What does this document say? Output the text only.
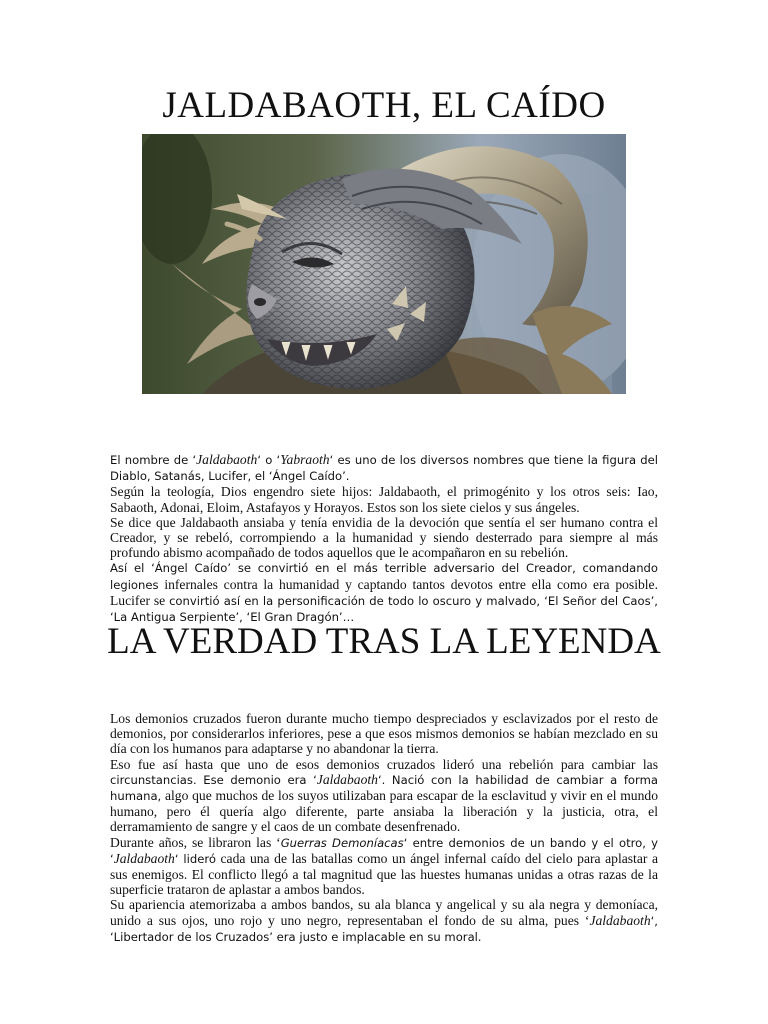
JALDABAOTH, EL CAÍDO

El nombre de ‘Jaldabaoth‘ o ‘Yabraoth‘ es uno de los diversos nombres que tiene la figura del Diablo, Satanás, Lucifer, el ‘Ángel Caído’.

Según la teología, Dios engendro siete hijos: Jaldabaoth, el primogénito y los otros seis: Iao, Sabaoth, Adonai, Eloim, Astafayos y Horayos. Estos son los siete cielos y sus ángeles.

Se dice que Jaldabaoth ansiaba y tenía envidia de la devoción que sentía el ser humano contra el Creador, y se rebeló, corrompiendo a la humanidad y siendo desterrado para siempre al más profundo abismo acompañado de todos aquellos que le acompañaron en su rebelión.

Así el ‘Ángel Caído’ se convirtió en el más terrible adversario del Creador, comandando legiones infernales contra la humanidad y captando tantos devotos entre ella como era posible. Lucifer se convirtió así en la personificación de todo lo oscuro y malvado, ‘El Señor del Caos’, ‘La Antigua Serpiente’, ‘El Gran Dragón’…

LA VERDAD TRAS LA LEYENDA

Los demonios cruzados fueron durante mucho tiempo despreciados y esclavizados por el resto de demonios, por considerarlos inferiores, pese a que esos mismos demonios se habían mezclado en su día con los humanos para adaptarse y no abandonar la tierra.

Eso fue así hasta que uno de esos demonios cruzados lideró una rebelión para cambiar las circunstancias. Ese demonio era ‘Jaldabaoth‘. Nació con la habilidad de cambiar a forma humana, algo que muchos de los suyos utilizaban para escapar de la esclavitud y vivir en el mundo humano, pero él quería algo diferente, parte ansiaba la liberación y la justicia, otra, el derramamiento de sangre y el caos de un combate desenfrenado.

Durante años, se libraron las ‘Guerras Demoníacas‘ entre demonios de un bando y el otro, y ‘Jaldabaoth‘ lideró cada una de las batallas como un ángel infernal caído del cielo para aplastar a sus enemigos. El conflicto llegó a tal magnitud que las huestes humanas unidas a otras razas de la superficie trataron de aplastar a ambos bandos.

Su apariencia atemorizaba a ambos bandos, su ala blanca y angelical y su ala negra y demoníaca, unido a sus ojos, uno rojo y uno negro, representaban el fondo de su alma, pues ‘Jaldabaoth‘, ‘Libertador de los Cruzados’ era justo e implacable en su moral.
